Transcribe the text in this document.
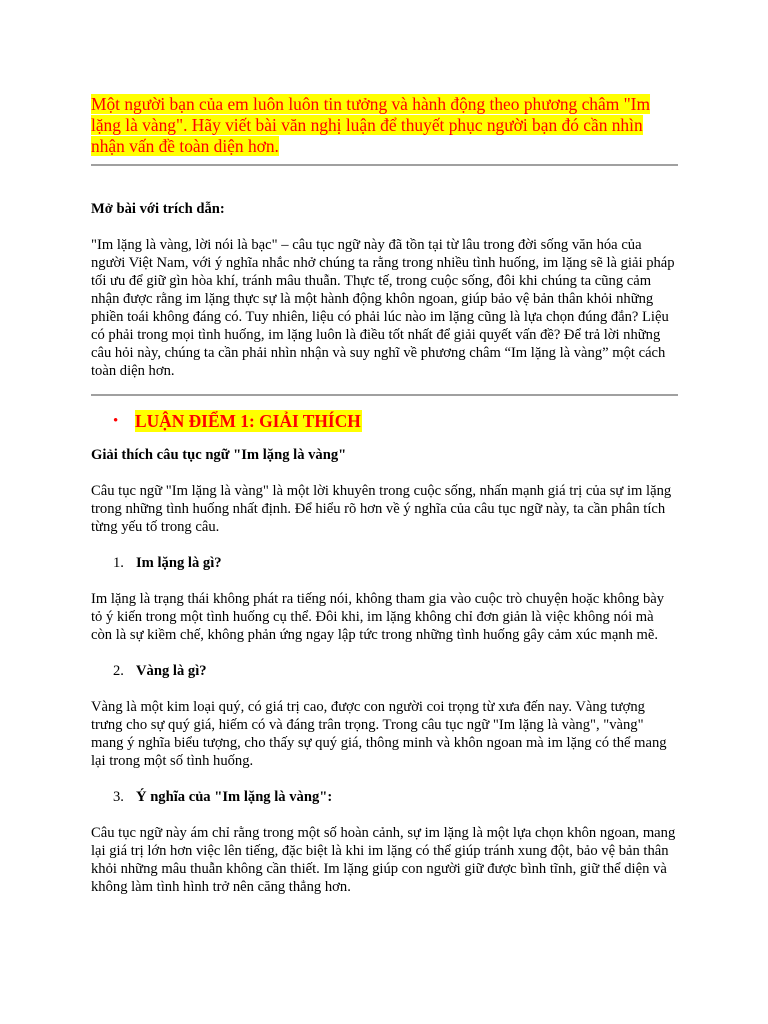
Một người bạn của em luôn luôn tin tưởng và hành động theo phương châm "Im lặng là vàng". Hãy viết bài văn nghị luận để thuyết phục người bạn đó cần nhìn nhận vấn đề toàn diện hơn.

Mở bài với trích dẫn:

"Im lặng là vàng, lời nói là bạc" – câu tục ngữ này đã tồn tại từ lâu trong đời sống văn hóa của người Việt Nam, với ý nghĩa nhắc nhở chúng ta rằng trong nhiều tình huống, im lặng sẽ là giải pháp tối ưu để giữ gìn hòa khí, tránh mâu thuẫn. Thực tế, trong cuộc sống, đôi khi chúng ta cũng cảm nhận được rằng im lặng thực sự là một hành động khôn ngoan, giúp bảo vệ bản thân khỏi những phiền toái không đáng có. Tuy nhiên, liệu có phải lúc nào im lặng cũng là lựa chọn đúng đắn? Liệu có phải trong mọi tình huống, im lặng luôn là điều tốt nhất để giải quyết vấn đề? Để trả lời những câu hỏi này, chúng ta cần phải nhìn nhận và suy nghĩ về phương châm “Im lặng là vàng” một cách toàn diện hơn.

• LUẬN ĐIỂM 1: GIẢI THÍCH

Giải thích câu tục ngữ "Im lặng là vàng"

Câu tục ngữ "Im lặng là vàng" là một lời khuyên trong cuộc sống, nhấn mạnh giá trị của sự im lặng trong những tình huống nhất định. Để hiểu rõ hơn về ý nghĩa của câu tục ngữ này, ta cần phân tích từng yếu tố trong câu.

1. Im lặng là gì?

Im lặng là trạng thái không phát ra tiếng nói, không tham gia vào cuộc trò chuyện hoặc không bày tỏ ý kiến trong một tình huống cụ thể. Đôi khi, im lặng không chỉ đơn giản là việc không nói mà còn là sự kiềm chế, không phản ứng ngay lập tức trong những tình huống gây cảm xúc mạnh mẽ.

2. Vàng là gì?

Vàng là một kim loại quý, có giá trị cao, được con người coi trọng từ xưa đến nay. Vàng tượng trưng cho sự quý giá, hiếm có và đáng trân trọng. Trong câu tục ngữ "Im lặng là vàng", "vàng" mang ý nghĩa biểu tượng, cho thấy sự quý giá, thông minh và khôn ngoan mà im lặng có thể mang lại trong một số tình huống.

3. Ý nghĩa của "Im lặng là vàng":

Câu tục ngữ này ám chỉ rằng trong một số hoàn cảnh, sự im lặng là một lựa chọn khôn ngoan, mang lại giá trị lớn hơn việc lên tiếng, đặc biệt là khi im lặng có thể giúp tránh xung đột, bảo vệ bản thân khỏi những mâu thuẫn không cần thiết. Im lặng giúp con người giữ được bình tĩnh, giữ thể diện và không làm tình hình trở nên căng thẳng hơn.
